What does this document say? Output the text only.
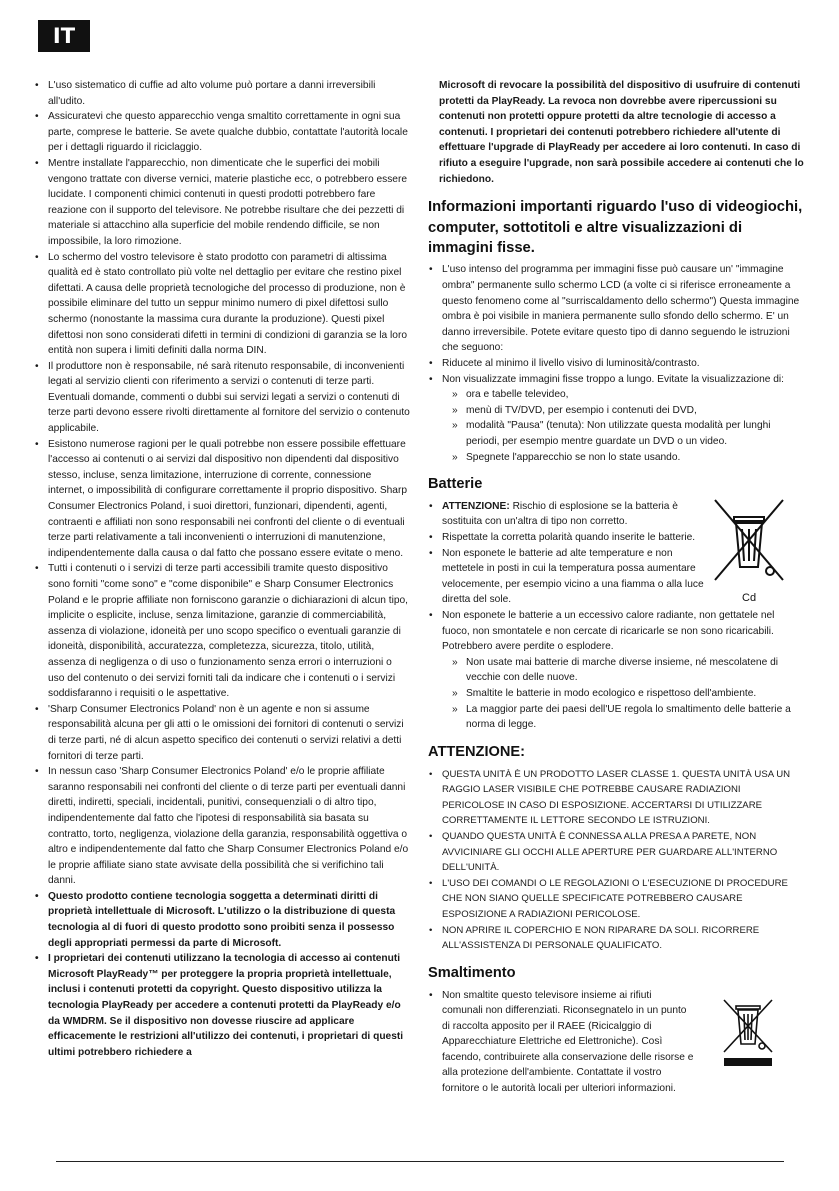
IT
• L'uso sistematico di cuffie ad alto volume può portare a danni irreversibili all'udito.
• Assicuratevi che questo apparecchio venga smaltito correttamente in ogni sua parte, comprese le batterie. Se avete qualche dubbio, contattate l'autorità locale per i dettagli riguardo il riciclaggio.
• Mentre installate l'apparecchio, non dimenticate che le superfici dei mobili vengono trattate con diverse vernici, materie plastiche ecc, o potrebbero essere lucidate. I componenti chimici contenuti in questi prodotti potrebbero fare reazione con il supporto del televisore. Ne potrebbe risultare che dei pezzetti di materiale si attacchino alla superficie del mobile rendendo difficile, se non impossibile, la loro rimozione.
• Lo schermo del vostro televisore è stato prodotto con parametri di altissima qualità ed è stato controllato più volte nel dettaglio per evitare che restino pixel difettati. A causa delle proprietà tecnologiche del processo di produzione, non è possibile eliminare del tutto un seppur minimo numero di pixel difettosi sullo schermo (nonostante la massima cura durante la produzione). Questi pixel difettosi non sono considerati difetti in termini di condizioni di garanzia se la loro entità non supera i limiti definiti dalla norma DIN.
• Il produttore non è responsabile, né sarà ritenuto responsabile, di inconvenienti legati al servizio clienti con riferimento a servizi o contenuti di terze parti. Eventuali domande, commenti o dubbi sui servizi legati a servizi o contenuti di terze parti devono essere rivolti direttamente al fornitore del servizio o contenuto applicabile.
• Esistono numerose ragioni per le quali potrebbe non essere possibile effettuare l'accesso ai contenuti o ai servizi dal dispositivo non dipendenti dal dispositivo stesso, incluse, senza limitazione, interruzione di corrente, connessione internet, o impossibilità di configurare correttamente il proprio dispositivo. Sharp Consumer Electronics Poland, i suoi direttori, funzionari, dipendenti, agenti, contraenti e affiliati non sono responsabili nei confronti del cliente o di eventuali terze parti relativamente a tali inconvenienti o interruzioni di manutenzione, indipendentemente dalla causa o dal fatto che possano essere evitate o meno.
• Tutti i contenuti o i servizi di terze parti accessibili tramite questo dispositivo sono forniti "come sono" e "come disponibile" e Sharp Consumer Electronics Poland e le proprie affiliate non forniscono garanzie o dichiarazioni di alcun tipo, implicite o esplicite, incluse, senza limitazione, garanzie di commerciabilità, assenza di violazione, idoneità per uno scopo specifico o eventuali garanzie di idoneità, disponibilità, accuratezza, completezza, sicurezza, titolo, utilità, assenza di negligenza o di uso o funzionamento senza errori o interruzioni o uso del contenuto o dei servizi forniti tali da indicare che i contenuti o i servizi soddisfaranno i requisiti o le aspettative.
• 'Sharp Consumer Electronics Poland' non è un agente e non si assume responsabilità alcuna per gli atti o le omissioni dei fornitori di contenuti o servizi di terze parti, né di alcun aspetto specifico dei contenuti o servizi relativi a detti fornitori di terze parti.
• In nessun caso 'Sharp Consumer Electronics Poland' e/o le proprie affiliate saranno responsabili nei confronti del cliente o di terze parti per eventuali danni diretti, indiretti, speciali, incidentali, punitivi, consequenziali o di altro tipo, indipendentemente dal fatto che l'ipotesi di responsabilità sia basata su contratto, torto, negligenza, violazione della garanzia, responsabilità oggettiva o altro e indipendentemente dal fatto che Sharp Consumer Electronics Poland e/o le proprie affiliate siano state avvisate della possibilità che si verifichino tali danni.
• Questo prodotto contiene tecnologia soggetta a determinati diritti di proprietà intellettuale di Microsoft. L'utilizzo o la distribuzione di questa tecnologia al di fuori di questo prodotto sono proibiti senza il possesso degli appropriati permessi da parte di Microsoft.
• I proprietari dei contenuti utilizzano la tecnologia di accesso ai contenuti Microsoft PlayReady™ per proteggere la propria proprietà intellettuale, inclusi i contenuti protetti da copyright. Questo dispositivo utilizza la tecnologia PlayReady per accedere a contenuti protetti da PlayReady e/o da WMDRM. Se il dispositivo non dovesse riuscire ad applicare efficacemente le restrizioni all'utilizzo dei contenuti, i proprietari di questi ultimi potrebbero richiedere a
Microsoft di revocare la possibilità del dispositivo di usufruire di contenuti protetti da PlayReady. La revoca non dovrebbe avere ripercussioni su contenuti non protetti oppure protetti da altre tecnologie di accesso a contenuti. I proprietari dei contenuti potrebbero richiedere all'utente di effettuare l'upgrade di PlayReady per accedere ai loro contenuti. In caso di rifiuto a eseguire l'upgrade, non sarà possibile accedere ai contenuti che lo richiedono.
Informazioni importanti riguardo l'uso di videogiochi, computer, sottotitoli e altre visualizzazioni di immagini fisse.
• L'uso intenso del programma per immagini fisse può causare un' "immagine ombra" permanente sullo schermo LCD (a volte ci si riferisce erroneamente a questo fenomeno come al "surriscaldamento dello schermo") Questa immagine ombra è poi visibile in maniera permanente sullo sfondo dello schermo. E' un danno irreversibile. Potete evitare questo tipo di danno seguendo le istruzioni che seguono:
• Riducete al minimo il livello visivo di luminosità/contrasto.
• Non visualizzate immagini fisse troppo a lungo. Evitate la visualizzazione di:
» ora e tabelle televideo,
» menù di TV/DVD, per esempio i contenuti dei DVD,
» modalità "Pausa" (tenuta): Non utilizzate questa modalità per lunghi periodi, per esempio mentre guardate un DVD o un video.
» Spegnete l'apparecchio se non lo state usando.
Batterie
Cd
• ATTENZIONE: Rischio di esplosione se la batteria è sostituita con un'altra di tipo non corretto.
• Rispettate la corretta polarità quando inserite le batterie.
• Non esponete le batterie ad alte temperature e non mettetele in posti in cui la temperatura possa aumentare velocemente, per esempio vicino a una fiamma o alla luce diretta del sole.
• Non esponete le batterie a un eccessivo calore radiante, non gettatele nel fuoco, non smontatele e non cercate di ricaricarle se non sono ricaricabili. Potrebbero avere perdite o esplodere.
» Non usate mai batterie di marche diverse insieme, né mescolatene di vecchie con delle nuove.
» Smaltite le batterie in modo ecologico e rispettoso dell'ambiente.
» La maggior parte dei paesi dell'UE regola lo smaltimento delle batterie a norma di legge.
ATTENZIONE:
• QUESTA UNITÀ È UN PRODOTTO LASER CLASSE 1. QUESTA UNITÀ USA UN RAGGIO LASER VISIBILE CHE POTREBBE CAUSARE RADIAZIONI PERICOLOSE IN CASO DI ESPOSIZIONE. ACCERTARSI DI UTILIZZARE CORRETTAMENTE IL LETTORE SECONDO LE ISTRUZIONI.
• QUANDO QUESTA UNITÀ È CONNESSA ALLA PRESA A PARETE, NON AVVICINIARE GLI OCCHI ALLE APERTURE PER GUARDARE ALL'INTERNO DELL'UNITÀ.
• L'USO DEI COMANDI O LE REGOLAZIONI O L'ESECUZIONE DI PROCEDURE CHE NON SIANO QUELLE SPECIFICATE POTREBBERO CAUSARE ESPOSIZIONE A RADIAZIONI PERICOLOSE.
• NON APRIRE IL COPERCHIO E NON RIPARARE DA SOLI. RICORRERE ALL'ASSISTENZA DI PERSONALE QUALIFICATO.
Smaltimento
• Non smaltite questo televisore insieme ai rifiuti comunali non differenziati. Riconsegnatelo in un punto di raccolta apposito per il RAEE (Ricicalggio di Apparecchiature Elettriche ed Elettroniche). Così facendo, contribuirete alla conservazione delle risorse e alla protezione dell'ambiente. Contattate il vostro fornitore o le autorità locali per ulteriori informazioni.
